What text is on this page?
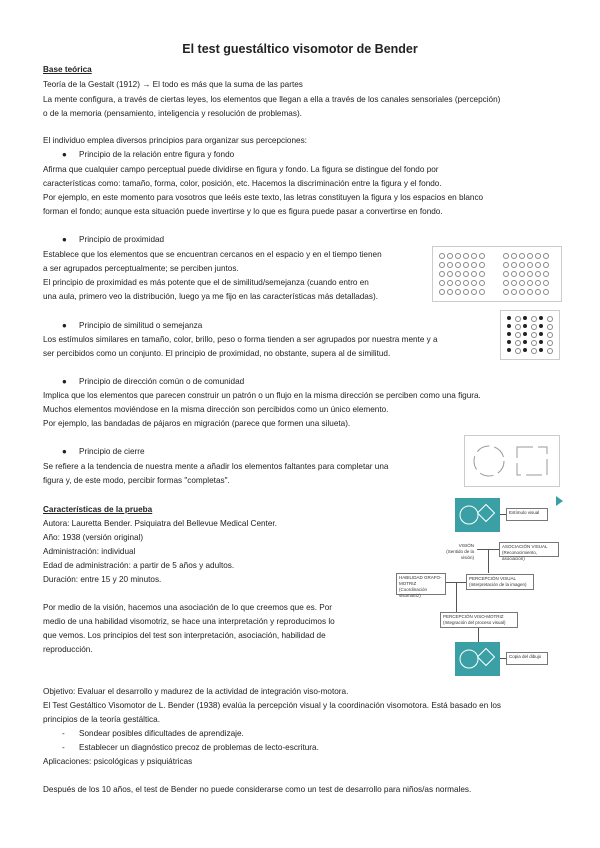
El test guestáltico visomotor de Bender
Base teórica
Teoría de la Gestalt (1912) → El todo es más que la suma de las partes
La mente configura, a través de ciertas leyes, los elementos que llegan a ella a través de los canales sensoriales (percepción)
o de la memoria (pensamiento, inteligencia y resolución de problemas).
El individuo emplea diversos principios para organizar sus percepciones:
● Principio de la relación entre figura y fondo
Afirma que cualquier campo perceptual puede dividirse en figura y fondo. La figura se distingue del fondo por
características como: tamaño, forma, color, posición, etc. Hacemos la discriminación entre la figura y el fondo.
Por ejemplo, en este momento para vosotros que leéis este texto, las letras constituyen la figura y los espacios en blanco
forman el fondo; aunque esta situación puede invertirse y lo que es figura puede pasar a convertirse en fondo.
● Principio de proximidad
Establece que los elementos que se encuentran cercanos en el espacio y en el tiempo tienen
a ser agrupados perceptualmente; se perciben juntos.
El principio de proximidad es más potente que el de similitud/semejanza (cuando entro en
una aula, primero veo la distribución, luego ya me fijo en las características más detalladas).
● Principio de similitud o semejanza
Los estímulos similares en tamaño, color, brillo, peso o forma tienden a ser agrupados por nuestra mente y a
ser percibidos como un conjunto. El principio de proximidad, no obstante, supera al de similitud.
● Principio de dirección común o de comunidad
Implica que los elementos que parecen construir un patrón o un flujo en la misma dirección se perciben como una figura.
Muchos elementos moviéndose en la misma dirección son percibidos como un único elemento.
Por ejemplo, las bandadas de pájaros en migración (parece que formen una silueta).
● Principio de cierre
Se refiere a la tendencia de nuestra mente a añadir los elementos faltantes para completar una
figura y, de este modo, percibir formas "completas".
Características de la prueba
Autora: Lauretta Bender. Psiquiatra del Bellevue Medical Center.
Año: 1938 (versión original)
Administración: individual
Edad de administración: a partir de 5 años y adultos.
Duración: entre 15 y 20 minutos.
Por medio de la visión, hacemos una asociación de lo que creemos que es. Por
medio de una habilidad visomotriz, se hace una interpretación y reproducimos lo
que vemos. Los principios del test son interpretación, asociación, habilidad de
reproducción.
Estímulo visual
VISIÓN
(Sentido de la visión)
ASOCIACIÓN VISUAL
(Reconocimiento, asociación)
HABILIDAD GRAFO-MOTRIZ
(Coordinación visomotriz)
PERCEPCIÓN VISUAL
(Interpretación de la imagen)
PERCEPCIÓN VISO-MOTRIZ
(Integración del proceso visual)
Copia del dibujo
Objetivo: Evaluar el desarrollo y madurez de la actividad de integración viso-motora.
El Test Gestáltico Visomotor de L. Bender (1938) evalúa la percepción visual y la coordinación visomotora. Está basado en los
principios de la teoría gestáltica.
- Sondear posibles dificultades de aprendizaje.
- Establecer un diagnóstico precoz de problemas de lecto-escritura.
Aplicaciones: psicológicas y psiquiátricas
Después de los 10 años, el test de Bender no puede considerarse como un test de desarrollo para niños/as normales.
